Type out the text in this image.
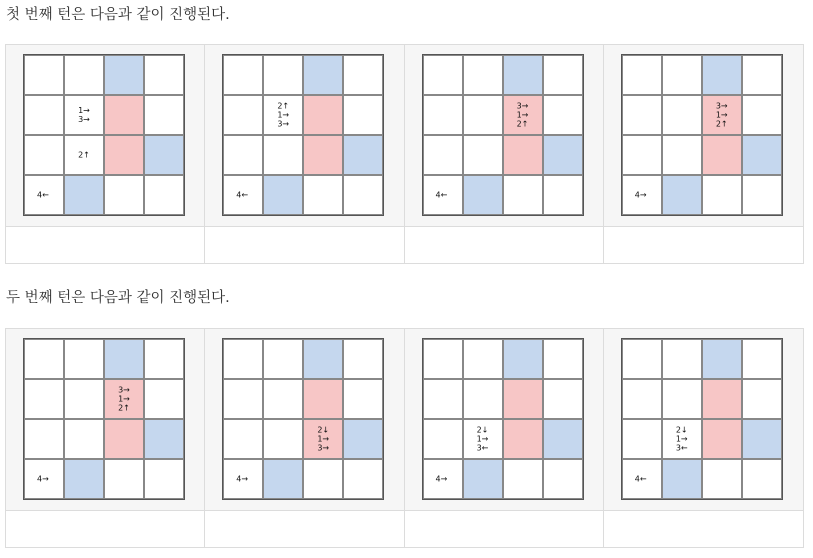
첫 번째 턴은 다음과 같이 진행된다.
1→
3→
2↑
4←
2↑
1→
3→
4←
3→
1→
2↑
4←
3→
1→
2↑
4→
두 번째 턴은 다음과 같이 진행된다.
3→
1→
2↑
4→
2↓
1→
3→
4→
2↓
1→
3←
4→
2↓
1→
3←
4←
